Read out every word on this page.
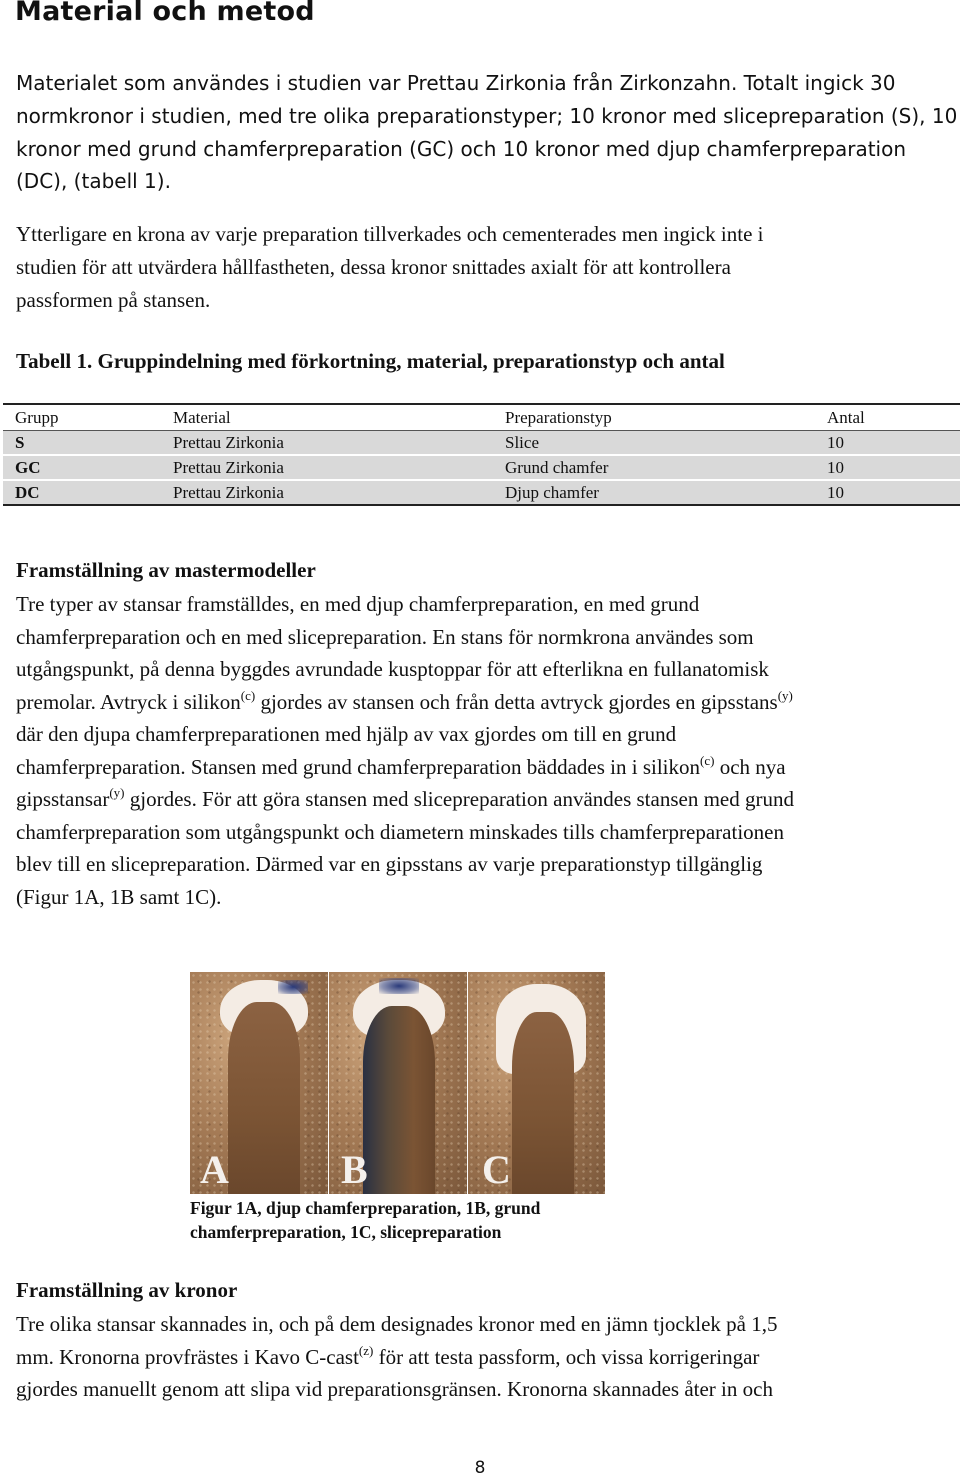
Material och metod
Materialet som användes i studien var Prettau Zirkonia från Zirkonzahn. Totalt ingick 30
normkronor i studien, med tre olika preparationstyper; 10 kronor med slicepreparation (S), 10
kronor med grund chamferpreparation (GC) och 10 kronor med djup chamferpreparation
(DC), (tabell 1).
Ytterligare en krona av varje preparation tillverkades och cementerades men ingick inte i
studien för att utvärdera hållfastheten, dessa kronor snittades axialt för att kontrollera
passformen på stansen.
Tabell 1. Gruppindelning med förkortning, material, preparationstyp och antal
Grupp	Material	Preparationstyp	Antal
S	Prettau Zirkonia	Slice	10
GC	Prettau Zirkonia	Grund chamfer	10
DC	Prettau Zirkonia	Djup chamfer	10
Framställning av mastermodeller
Tre typer av stansar framställdes, en med djup chamferpreparation, en med grund
chamferpreparation och en med slicepreparation. En stans för normkrona användes som
utgångspunkt, på denna byggdes avrundade kusptoppar för att efterlikna en fullanatomisk
premolar. Avtryck i silikon$^{(c)}$ gjordes av stansen och från detta avtryck gjordes en gipsstans$^{(y)}$
där den djupa chamferpreparationen med hjälp av vax gjordes om till en grund
chamferpreparation. Stansen med grund chamferpreparation bäddades in i silikon$^{(c)}$ och nya
gipsstansar$^{(y)}$ gjordes. För att göra stansen med slicepreparation användes stansen med grund
chamferpreparation som utgångspunkt och diametern minskades tills chamferpreparationen
blev till en slicepreparation. Därmed var en gipsstans av varje preparationstyp tillgänglig
(Figur 1A, 1B samt 1C).
A	B	C
Figur 1A, djup chamferpreparation, 1B, grund
chamferpreparation, 1C, slicepreparation
Framställning av kronor
Tre olika stansar skannades in, och på dem designades kronor med en jämn tjocklek på 1,5
mm. Kronorna provfrästes i Kavo C-cast$^{(z)}$ för att testa passform, och vissa korrigeringar
gjordes manuellt genom att slipa vid preparationsgränsen. Kronorna skannades åter in och
8
